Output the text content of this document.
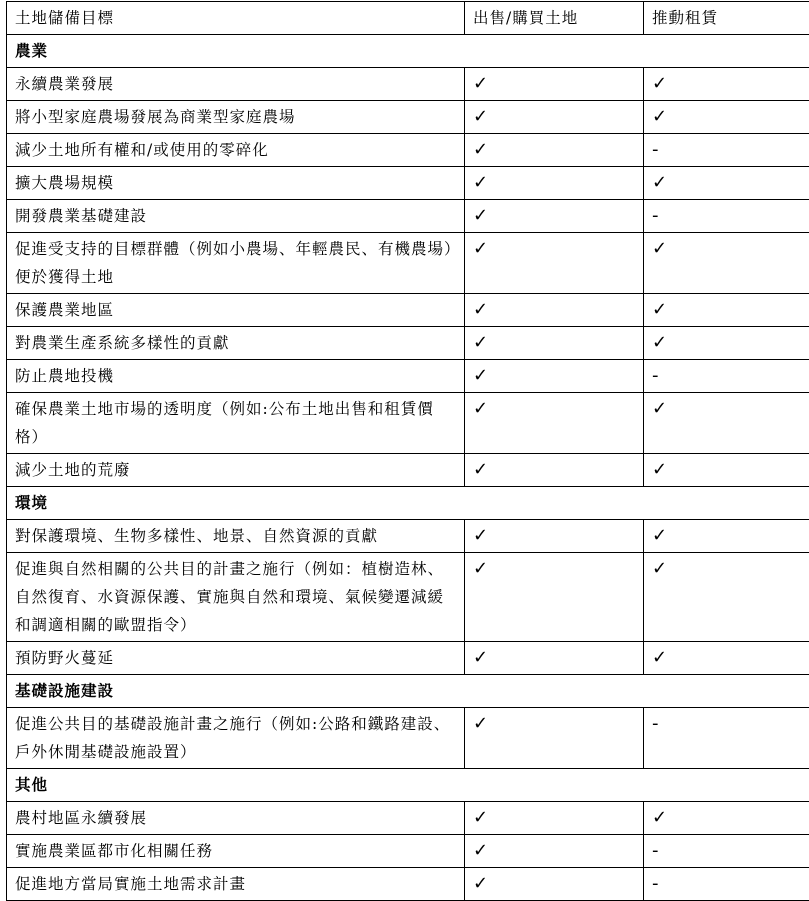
土地儲備目標	出售/購買土地	推動租賃
農業		
永續農業發展	✓	✓
將小型家庭農場發展為商業型家庭農場	✓	✓
減少土地所有權和/或使用的零碎化	✓	-
擴大農場規模	✓	✓
開發農業基礎建設	✓	-
促進受支持的目標群體（例如小農場、年輕農民、有機農場）便於獲得土地	✓	✓
保護農業地區	✓	✓
對農業生產系統多樣性的貢獻	✓	✓
防止農地投機	✓	-
確保農業土地市場的透明度（例如:公布土地出售和租賃價格）	✓	✓
減少土地的荒廢	✓	✓
環境		
對保護環境、生物多樣性、地景、自然資源的貢獻	✓	✓
促進與自然相關的公共目的計畫之施行（例如：植樹造林、自然復育、水資源保護、實施與自然和環境、氣候變遷減緩和調適相關的歐盟指令）	✓	✓
預防野火蔓延	✓	✓
基礎設施建設		
促進公共目的基礎設施計畫之施行（例如:公路和鐵路建設、戶外休閒基礎設施設置）	✓	-
其他		
農村地區永續發展	✓	✓
實施農業區都市化相關任務	✓	-
促進地方當局實施土地需求計畫	✓	-
